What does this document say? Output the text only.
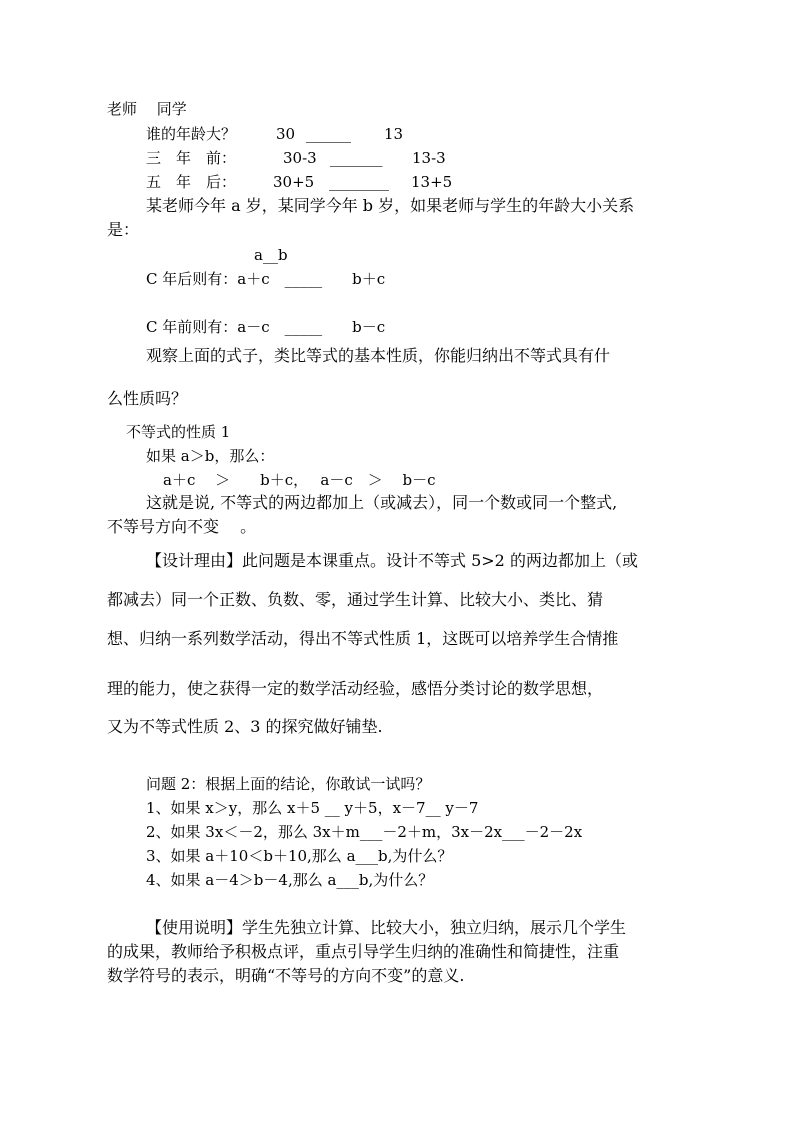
老师　 同学
谁的年龄大？	30 ______ 13
三　年　前：	30-3 _______ 13-3
五　年　后： 30+5 ________ 13+5
某老师今年 a 岁，某同学今年 b 岁，如果老师与学生的年龄大小关系
是：
a__b
C 年后则有：a＋c　_____　　b＋c
C 年前则有：a－c　_____　　b－c
观察上面的式子，类比等式的基本性质，你能归纳出不等式具有什
么性质吗？
不等式的性质 1
如果 a＞b，那么：
a＋c　 ＞　　b＋c，　 a－c　＞　 b－c
这就是说, 不等式的两边都加上（或减去），同一个数或同一个整式,
不等号方向不变　 。
【设计理由】此问题是本课重点。设计不等式 5>2 的两边都加上（或
都减去）同一个正数、负数、零，通过学生计算、比较大小、类比、猜
想、归纳一系列数学活动，得出不等式性质 1，这既可以培养学生合情推
理的能力，使之获得一定的数学活动经验，感悟分类讨论的数学思想，
又为不等式性质 2、3 的探究做好铺垫.
问题 2：根据上面的结论，你敢试一试吗？
1、如果 x＞y，那么 x＋5 __ y＋5，x－7__ y－7
2、如果 3x＜－2，那么 3x＋m___－2＋m，3x－2x___－2－2x
3、如果 a＋10＜b＋10,那么 a___b,为什么？
4、如果 a－4＞b－4,那么 a___b,为什么？
【使用说明】学生先独立计算、比较大小，独立归纳，展示几个学生
的成果，教师给予积极点评，重点引导学生归纳的准确性和简捷性，注重
数学符号的表示，明确“不等号的方向不变”的意义.
